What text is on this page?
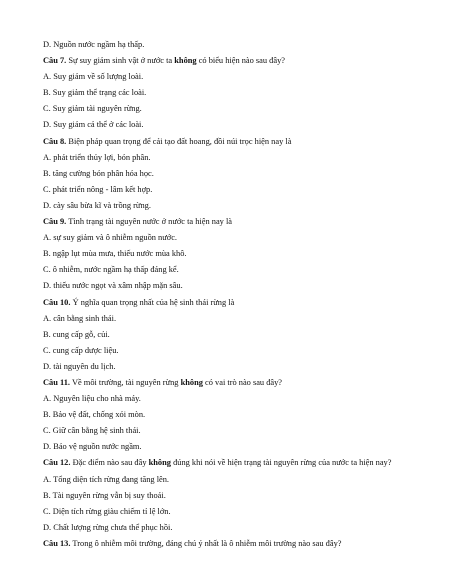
D. Nguồn nước ngầm hạ thấp.
Câu 7. Sự suy giảm sinh vật ở nước ta không có biểu hiện nào sau đây?
A. Suy giảm về số lượng loài.
B. Suy giảm thể trạng các loài.
C. Suy giảm tài nguyên rừng.
D. Suy giảm cả thể ở các loài.
Câu 8. Biện pháp quan trọng để cải tạo đất hoang, đồi núi trọc hiện nay là
A. phát triển thủy lợi, bón phân.
B. tăng cường bón phân hóa học.
C. phát triển nông - lâm kết hợp.
D. cày sâu bừa kĩ và trồng rừng.
Câu 9. Tình trạng tài nguyên nước ở nước ta hiện nay là
A. sự suy giảm và ô nhiễm nguồn nước.
B. ngập lụt mùa mưa, thiếu nước mùa khô.
C. ô nhiễm, nước ngầm hạ thấp đáng kể.
D. thiếu nước ngọt và xâm nhập mặn sâu.
Câu 10. Ý nghĩa quan trọng nhất của hệ sinh thái rừng là
A. cân bằng sinh thái.
B. cung cấp gỗ, củi.
C. cung cấp dược liệu.
D. tài nguyên du lịch.
Câu 11. Về môi trường, tài nguyên rừng không có vai trò nào sau đây?
A. Nguyên liệu cho nhà máy.
B. Bảo vệ đất, chống xói mòn.
C. Giữ cân bằng hệ sinh thái.
D. Bảo vệ nguồn nước ngầm.
Câu 12. Đặc điểm nào sau đây không đúng khi nói về hiện trạng tài nguyên rừng của nước ta hiện nay?
A. Tổng diện tích rừng đang tăng lên.
B. Tài nguyên rừng vẫn bị suy thoái.
C. Diện tích rừng giàu chiếm tỉ lệ lớn.
D. Chất lượng rừng chưa thể phục hồi.
Câu 13. Trong ô nhiễm môi trường, đáng chú ý nhất là ô nhiễm môi trường nào sau đây?
